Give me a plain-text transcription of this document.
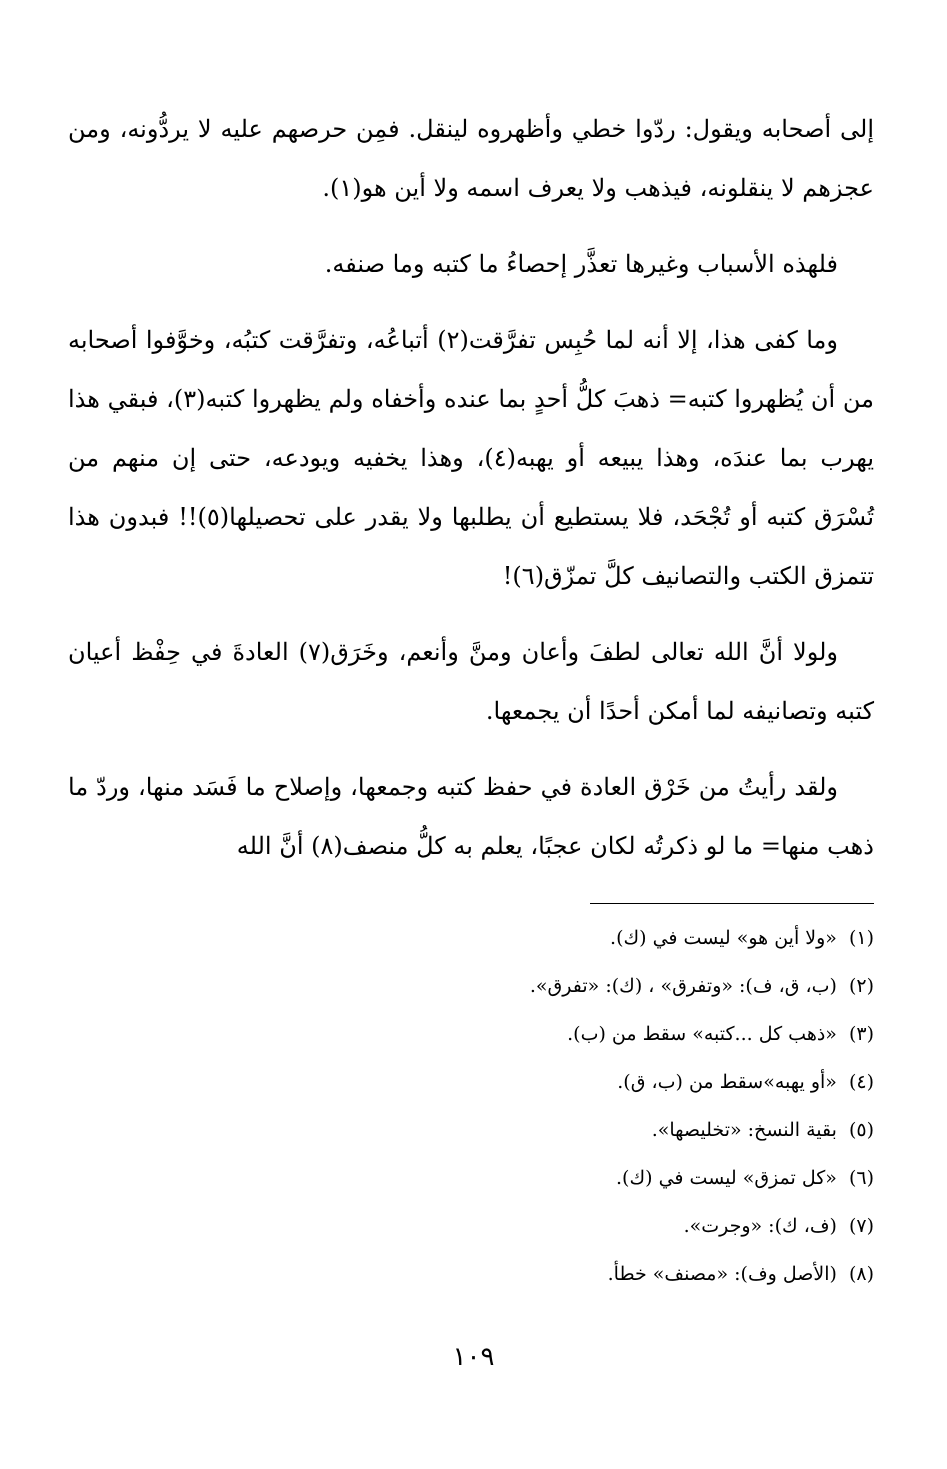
إلى أصحابه ويقول: ردّوا خطي وأظهروه لينقل. فمِن حرصهم عليه لا يردُّونه، ومن عجزهم لا ينقلونه، فيذهب ولا يعرف اسمه ولا أين هو(١).

فلهذه الأسباب وغيرها تعذَّر إحصاءُ ما كتبه وما صنفه.

وما كفى هذا، إلا أنه لما حُبِس تفرَّقت(٢) أتباعُه، وتفرَّقت كتبُه، وخوَّفوا أصحابه من أن يُظهروا كتبه= ذهبَ كلُّ أحدٍ بما عنده وأخفاه ولم يظهروا كتبه(٣)، فبقي هذا يهرب بما عندَه، وهذا يبيعه أو يهبه(٤)، وهذا يخفيه ويودعه، حتى إن منهم من تُسْرَق كتبه أو تُجْحَد، فلا يستطيع أن يطلبها ولا يقدر على تحصيلها(٥)!! فبدون هذا تتمزق الكتب والتصانيف كلَّ تمزّق(٦)!

ولولا أنَّ الله تعالى لطفَ وأعان ومنَّ وأنعم، وخَرَق(٧) العادةَ في حِفْظ أعيان كتبه وتصانيفه لما أمكن أحدًا أن يجمعها.

ولقد رأيتُ من خَرْق العادة في حفظ كتبه وجمعها، وإصلاح ما فَسَد منها، وردّ ما ذهب منها= ما لو ذكرتُه لكان عجبًا، يعلم به كلُّ منصف(٨) أنَّ الله

(١)«ولا أين هو» ليست في (ك).
(٢)(ب، ق، ف): «وتفرق» ، (ك): «تفرق».
(٣)«ذهب كل ...كتبه» سقط من (ب).
(٤)«أو يهبه»سقط من (ب، ق).
(٥)بقية النسخ: «تخليصها».
(٦)«كل تمزق» ليست في (ك).
(٧)(ف، ك): «وجرت».
(٨)(الأصل وف): «مصنف» خطأ.
١٠٩
